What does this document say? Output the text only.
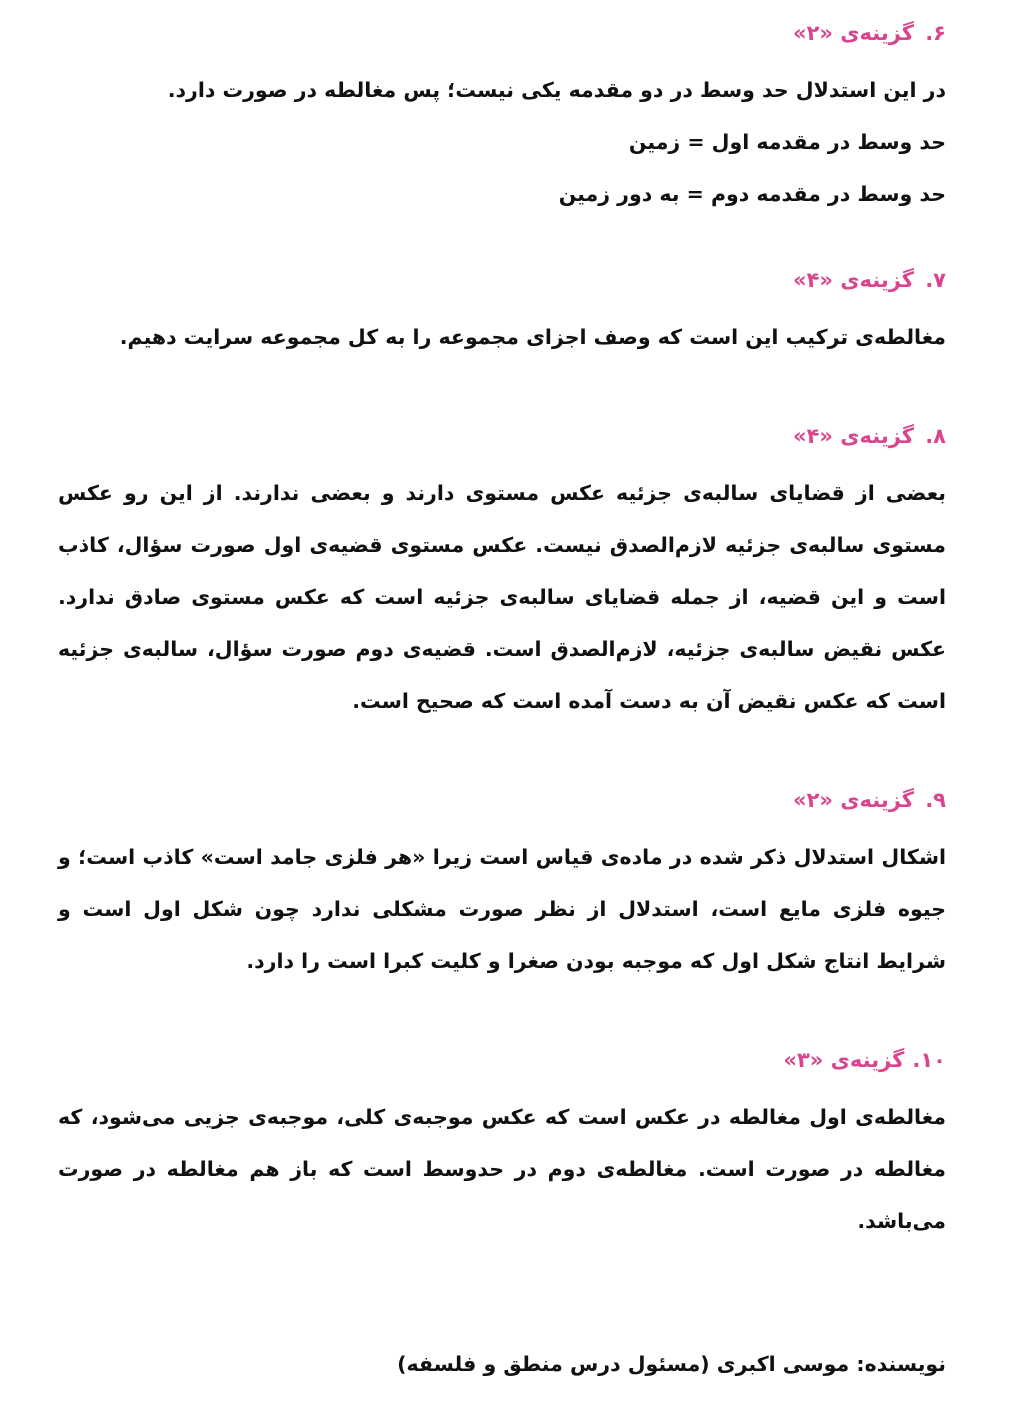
۶.
گزینه‌ی «۲»

در این استدلال حد وسط در دو مقدمه یکی نیست؛ پس مغالطه در صورت دارد.

حد وسط در مقدمه اول = زمین

حد وسط در مقدمه دوم = به دور زمین

۷.
گزینه‌ی «۴»

مغالطه‌ی ترکیب این است که وصف اجزای مجموعه را به کل مجموعه سرایت دهیم.

۸.
گزینه‌ی «۴»

بعضی از قضایای سالبه‌ی جزئیه عکس مستوی دارند و بعضی ندارند. از این رو عکس مستوی سالبه‌ی جزئیه لازم‌الصدق نیست. عکس مستوی قضیه‌ی اول صورت سؤال، کاذب است و این قضیه، از جمله قضایای سالبه‌ی جزئیه است که عکس مستوی صادق ندارد. عکس نقیض سالبه‌ی جزئیه، لازم‌الصدق است. قضیه‌ی دوم صورت سؤال، سالبه‌ی جزئیه است که عکس نقیض آن به دست آمده است که صحیح است.

۹.
گزینه‌ی «۲»

اشکال استدلال ذکر شده در ماده‌ی قیاس است زیرا «هر فلزی جامد است» کاذب است؛ و جیوه فلزی مایع است، استدلال از نظر صورت مشکلی ندارد چون شکل اول است و شرایط انتاج شکل اول که موجبه بودن صغرا و کلیت کبرا است را دارد.

۱۰.
گزینه‌ی «۳»

مغالطه‌ی اول مغالطه در عکس است که عکس موجبه‌ی کلی، موجبه‌ی جزیی می‌شود، که مغالطه در صورت است. مغالطه‌ی دوم در حدوسط است که باز هم مغالطه در صورت می‌باشد.

نویسنده: موسی اکبری (مسئول درس منطق و فلسفه)
